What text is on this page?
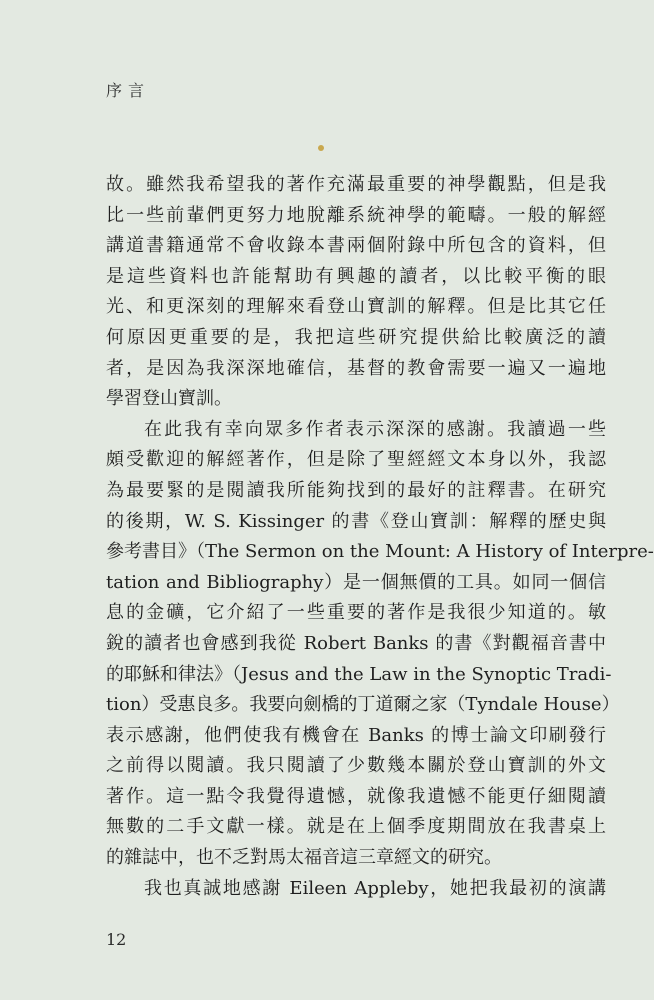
序言
故。雖然我希望我的著作充滿最重要的神學觀點，但是我
比一些前輩們更努力地脫離系統神學的範疇。一般的解經
講道書籍通常不會收錄本書兩個附錄中所包含的資料，但
是這些資料也許能幫助有興趣的讀者，以比較平衡的眼
光、和更深刻的理解來看登山寶訓的解釋。但是比其它任
何原因更重要的是，我把這些研究提供給比較廣泛的讀
者，是因為我深深地確信，基督的教會需要一遍又一遍地
學習登山寶訓。
在此我有幸向眾多作者表示深深的感謝。我讀過一些
頗受歡迎的解經著作，但是除了聖經經文本身以外，我認
為最要緊的是閱讀我所能夠找到的最好的註釋書。在研究
的後期，W. S. Kissinger 的書《登山寶訓：解釋的歷史與
參考書目》（The Sermon on the Mount: A History of Interpre-
tation and Bibliography）是一個無價的工具。如同一個信
息的金礦，它介紹了一些重要的著作是我很少知道的。敏
銳的讀者也會感到我從 Robert Banks 的書《對觀福音書中
的耶穌和律法》（Jesus and the Law in the Synoptic Tradi-
tion）受惠良多。我要向劍橋的丁道爾之家（Tyndale House）
表示感謝，他們使我有機會在 Banks 的博士論文印刷發行
之前得以閱讀。我只閱讀了少數幾本關於登山寶訓的外文
著作。這一點令我覺得遺憾，就像我遺憾不能更仔細閱讀
無數的二手文獻一樣。就是在上個季度期間放在我書桌上
的雜誌中，也不乏對馬太福音這三章經文的研究。
我也真誠地感謝 Eileen Appleby，她把我最初的演講
12
